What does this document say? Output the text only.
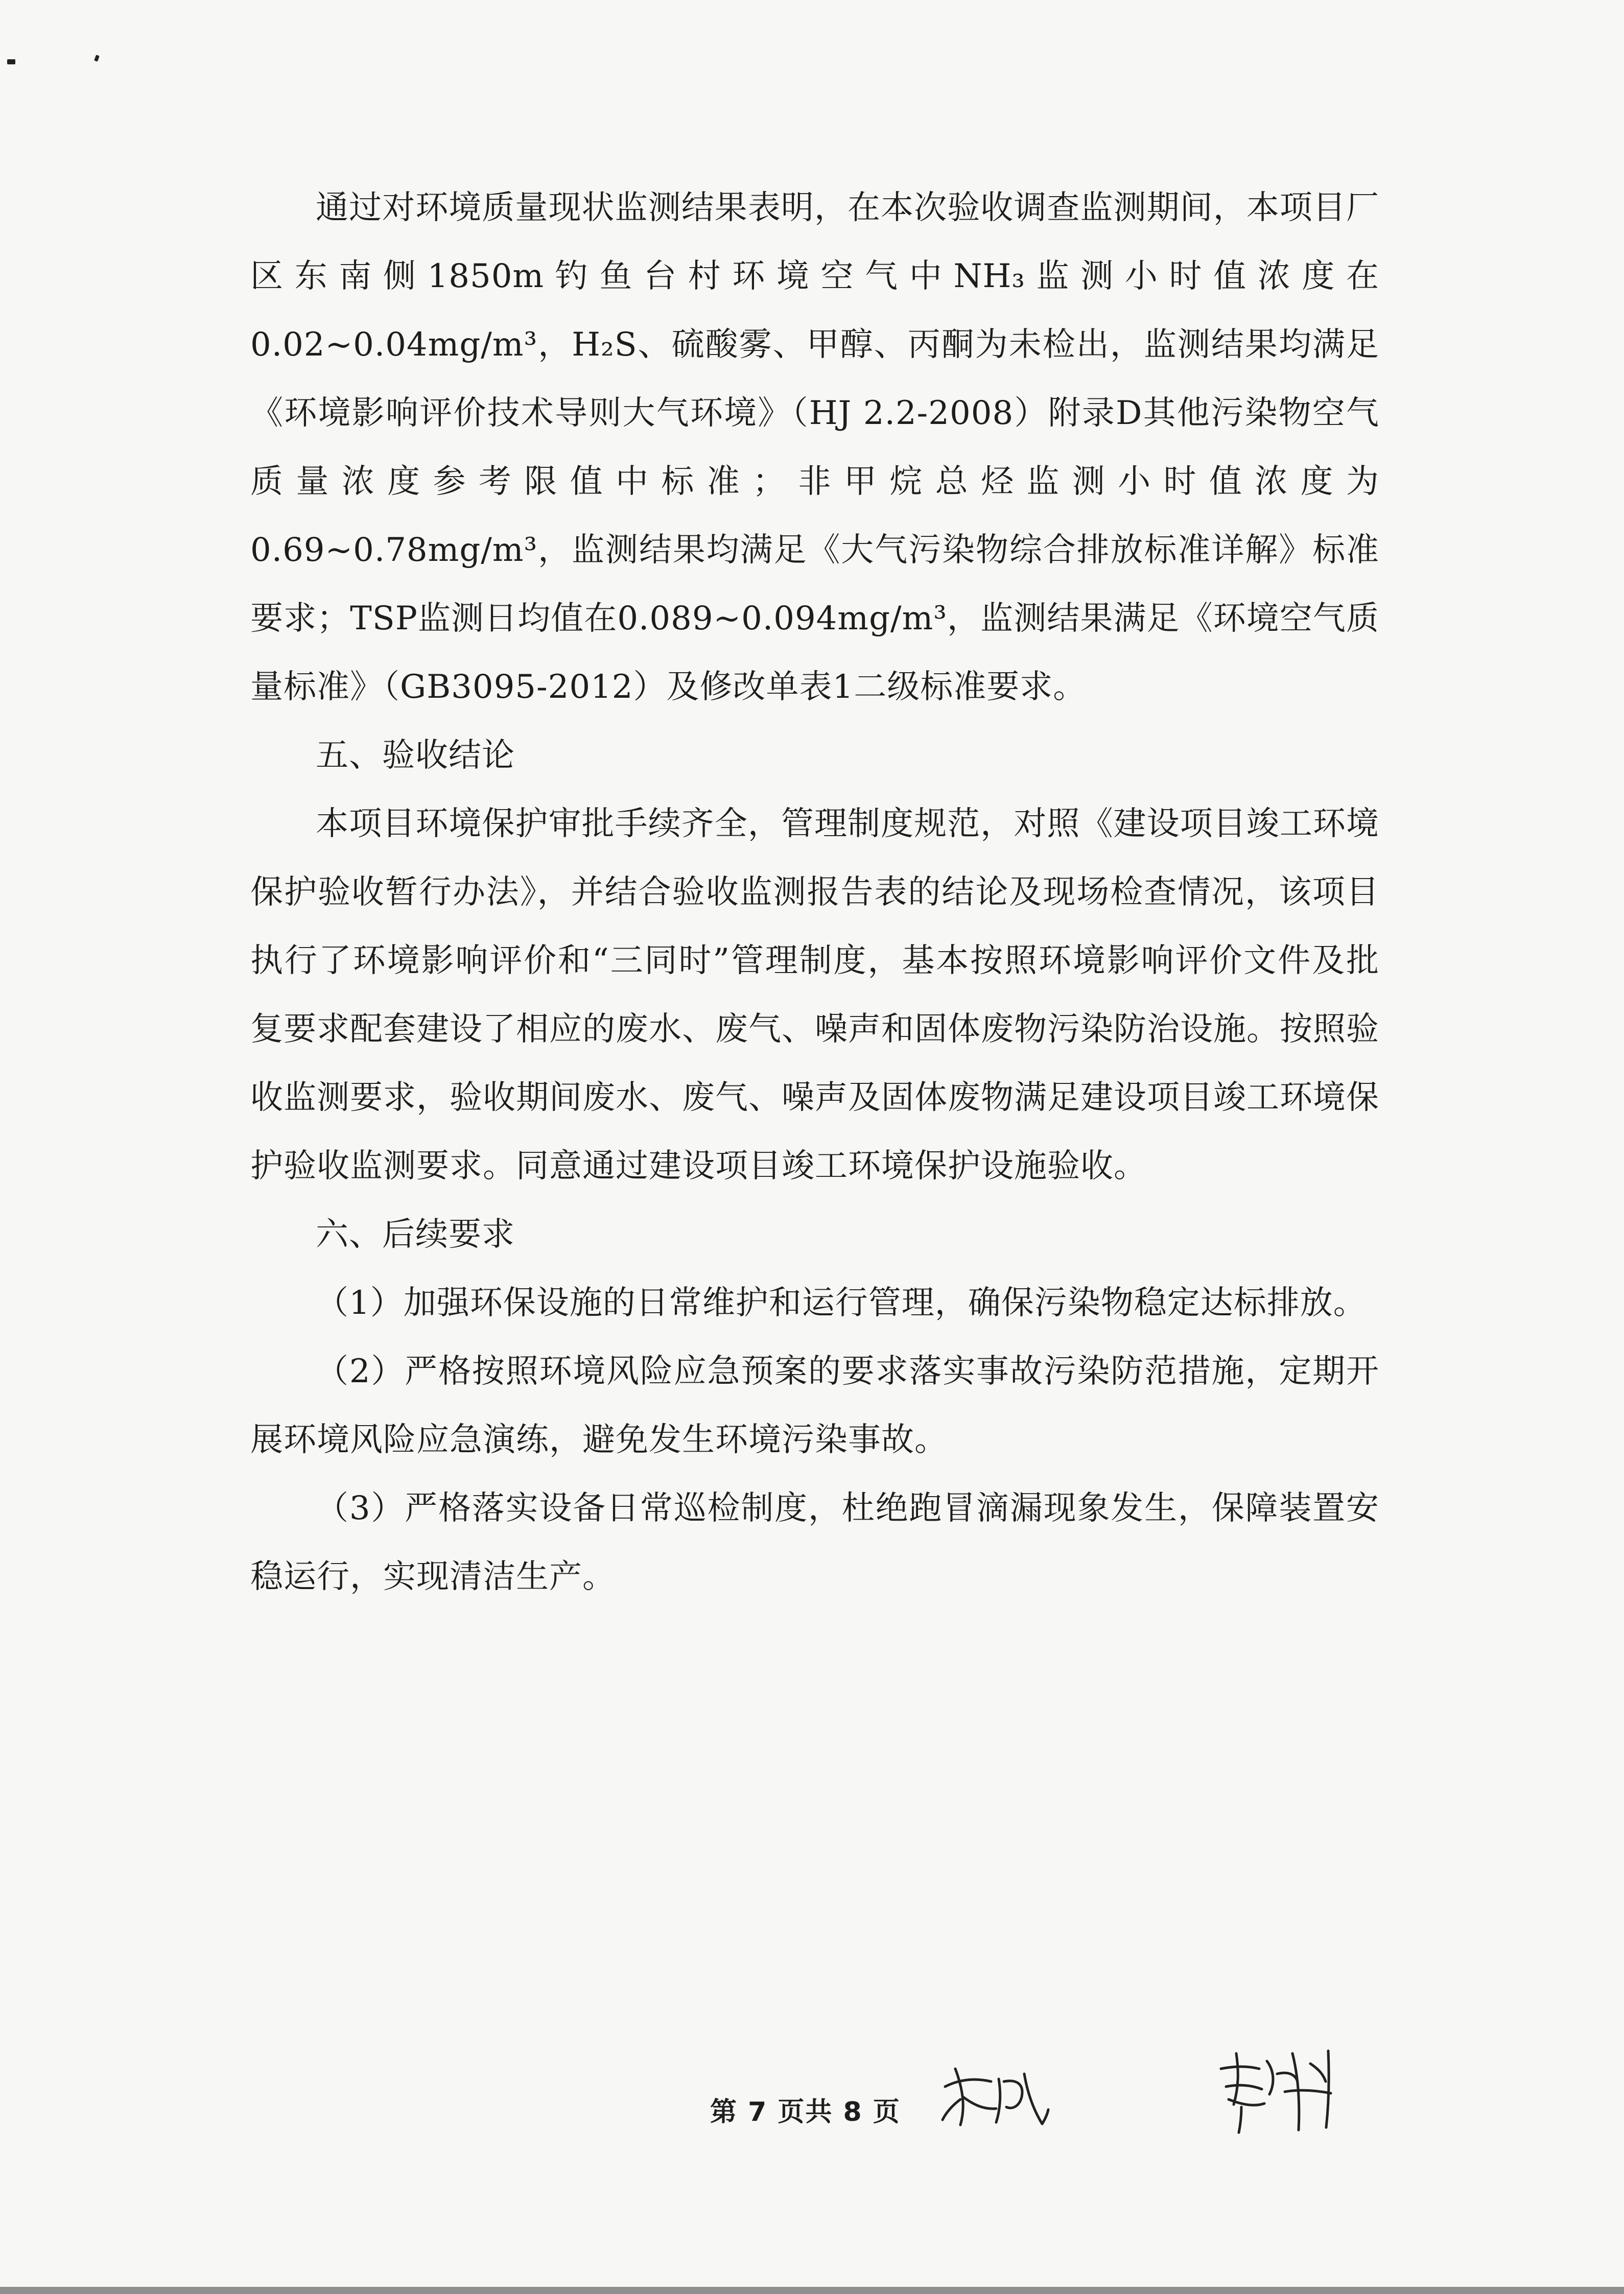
通过对环境质量现状监测结果表明，在本次验收调查监测期间，本项目厂区东南侧1850m钓鱼台村环境空气中NH₃监测小时值浓度在0.02~0.04mg/m³，H₂S、硫酸雾、甲醇、丙酮为未检出，监测结果均满足《环境影响评价技术导则大气环境》（HJ 2.2-2008）附录D其他污染物空气质量浓度参考限值中标准；非甲烷总烃监测小时值浓度为0.69~0.78mg/m³，监测结果均满足《大气污染物综合排放标准详解》标准要求；TSP监测日均值在0.089~0.094mg/m³，监测结果满足《环境空气质量标准》（GB3095-2012）及修改单表1二级标准要求。

五、验收结论

本项目环境保护审批手续齐全，管理制度规范，对照《建设项目竣工环境保护验收暂行办法》，并结合验收监测报告表的结论及现场检查情况，该项目执行了环境影响评价和“三同时”管理制度，基本按照环境影响评价文件及批复要求配套建设了相应的废水、废气、噪声和固体废物污染防治设施。按照验收监测要求，验收期间废水、废气、噪声及固体废物满足建设项目竣工环境保护验收监测要求。同意通过建设项目竣工环境保护设施验收。

六、后续要求

（1）加强环保设施的日常维护和运行管理，确保污染物稳定达标排放。

（2）严格按照环境风险应急预案的要求落实事故污染防范措施，定期开展环境风险应急演练，避免发生环境污染事故。

（3）严格落实设备日常巡检制度，杜绝跑冒滴漏现象发生，保障装置安稳运行，实现清洁生产。

第 7 页共 8 页
